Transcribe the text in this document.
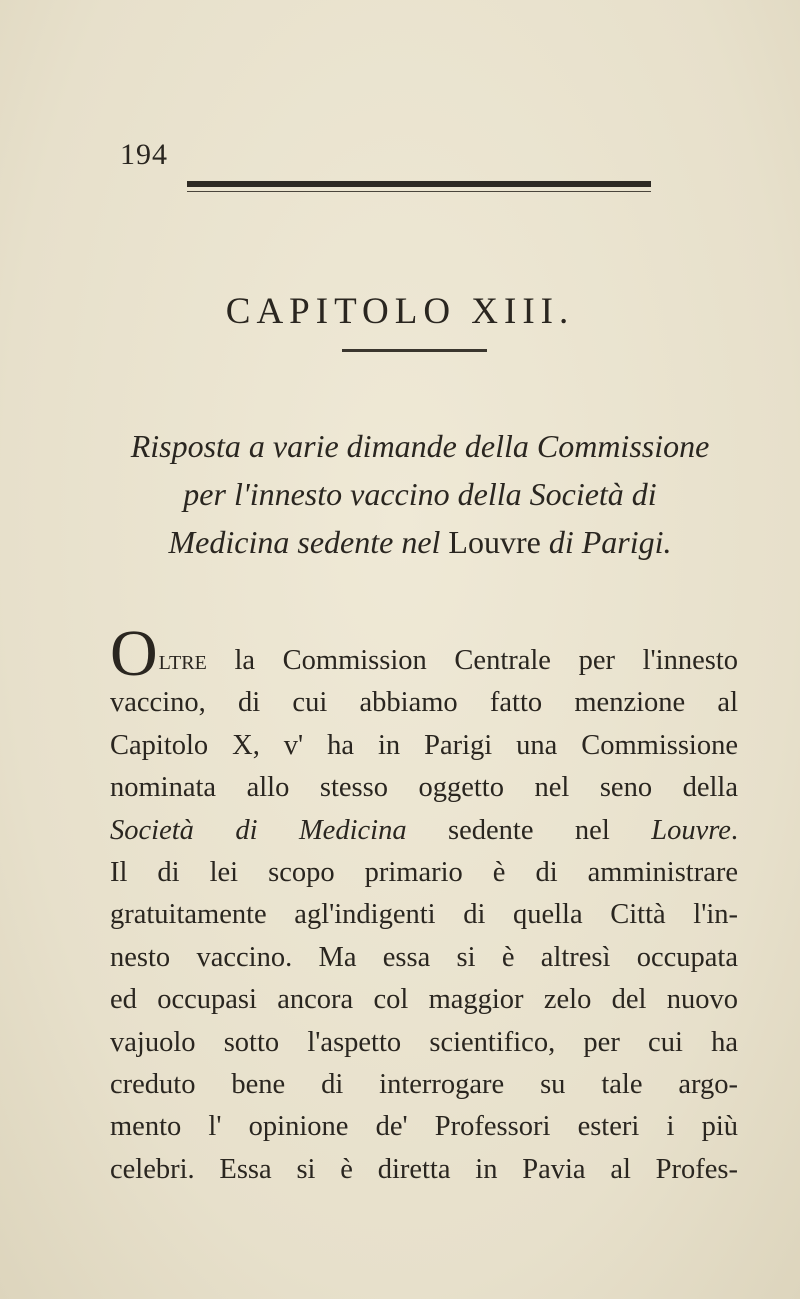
194
CAPITOLO XIII.
Risposta a varie dimande della Commissione
per l'innesto vaccino della Società di
Medicina sedente nel Louvre di Parigi.
Oltre la Commission Centrale per l'innesto
vaccino, di cui abbiamo fatto menzione al
Capitolo X, v' ha in Parigi una Commissione
nominata allo stesso oggetto nel seno della
Società di Medicina sedente nel Louvre.
Il di lei scopo primario è di amministrare
gratuitamente agl'indigenti di quella Città l'in-
nesto vaccino. Ma essa si è altresì occupata
ed occupasi ancora col maggior zelo del nuovo
vajuolo sotto l'aspetto scientifico, per cui ha
creduto bene di interrogare su tale argo-
mento l' opinione de' Professori esteri i più
celebri. Essa si è diretta in Pavia al Profes-
